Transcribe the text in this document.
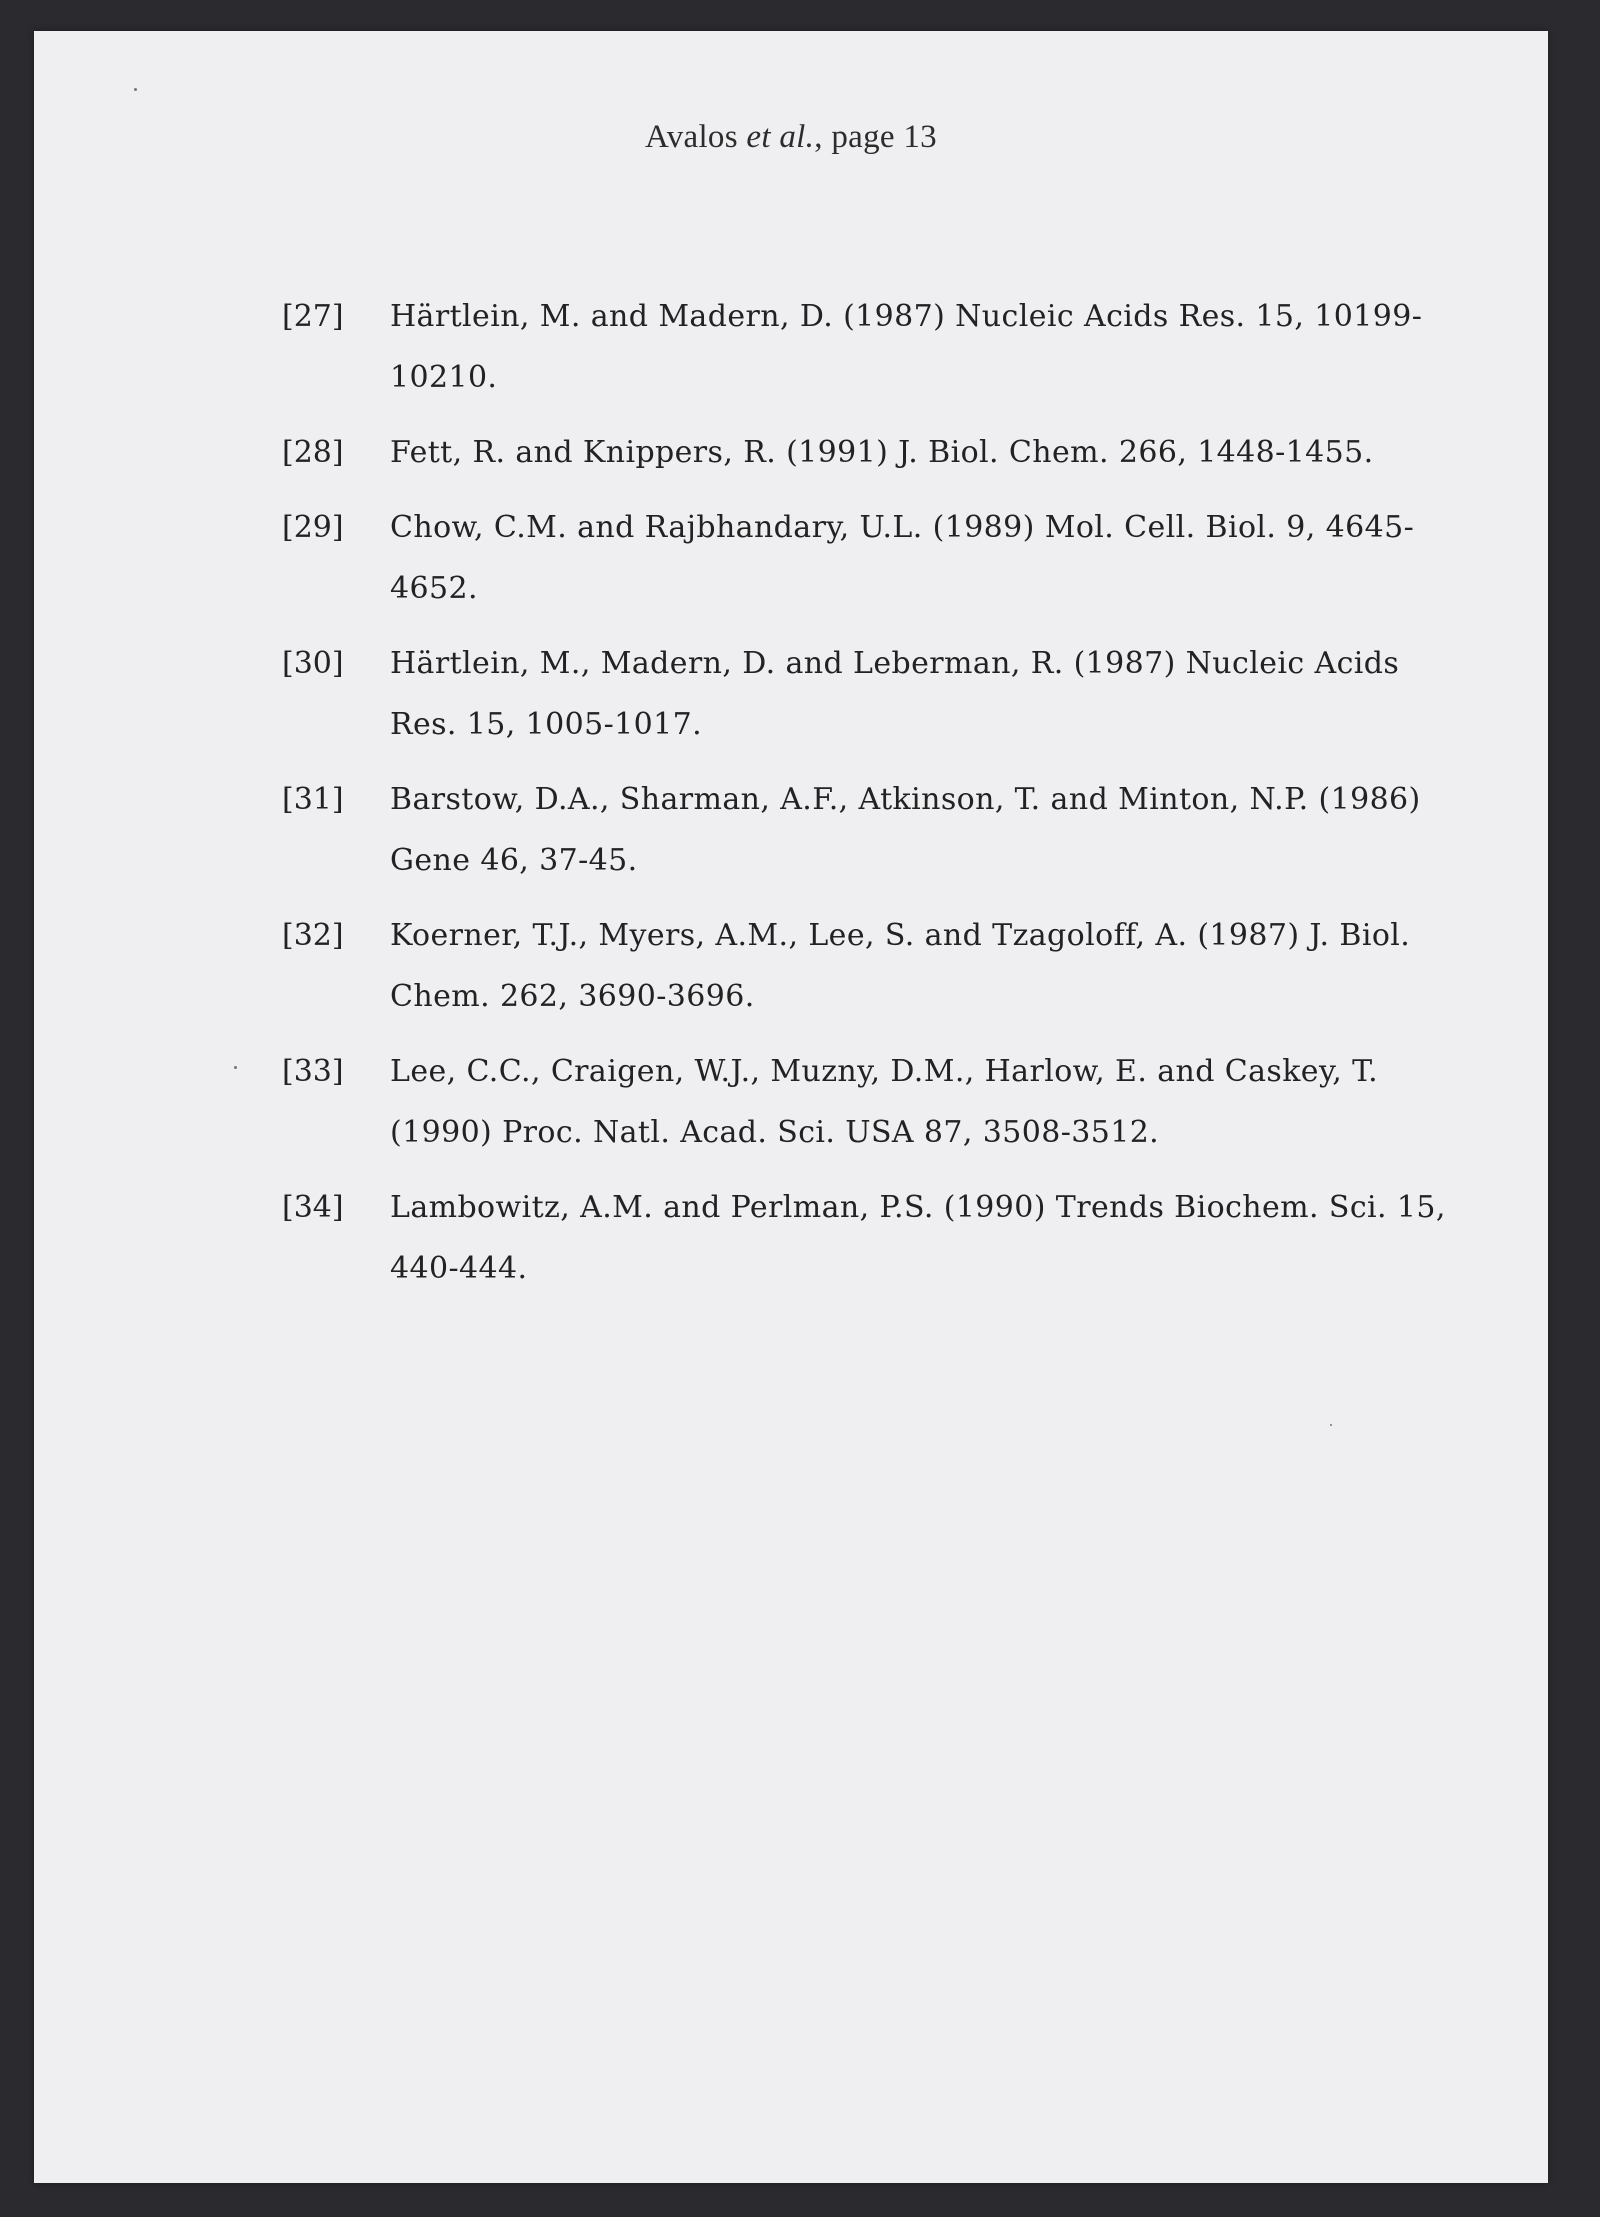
Avalos et al., page 13
[27]	Härtlein, M. and Madern, D. (1987) Nucleic Acids Res. 15, 10199-10210.
[28]	Fett, R. and Knippers, R. (1991) J. Biol. Chem. 266, 1448-1455.
[29]	Chow, C.M. and Rajbhandary, U.L. (1989) Mol. Cell. Biol. 9, 4645-4652.
[30]	Härtlein, M., Madern, D. and Leberman, R. (1987) Nucleic Acids Res. 15, 1005-1017.
[31]	Barstow, D.A., Sharman, A.F., Atkinson, T. and Minton, N.P. (1986) Gene 46, 37-45.
[32]	Koerner, T.J., Myers, A.M., Lee, S. and Tzagoloff, A. (1987) J. Biol. Chem. 262, 3690-3696.
[33]	Lee, C.C., Craigen, W.J., Muzny, D.M., Harlow, E. and Caskey, T. (1990) Proc. Natl. Acad. Sci. USA 87, 3508-3512.
[34]	Lambowitz, A.M. and Perlman, P.S. (1990) Trends Biochem. Sci. 15, 440-444.
